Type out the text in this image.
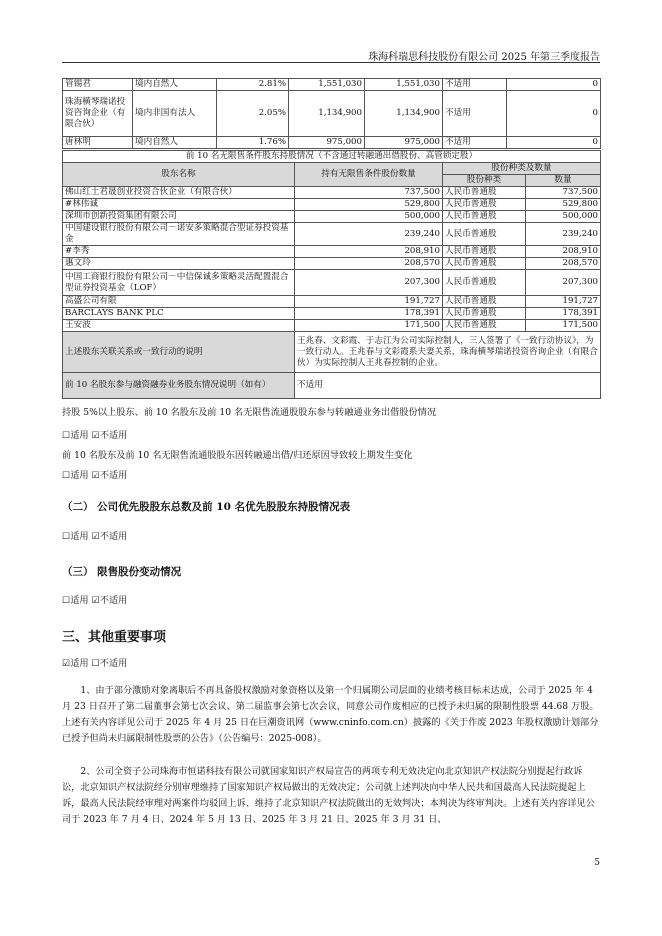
珠海科瑞思科技股份有限公司 2025 年第三季度报告
管锡君	境内自然人	2.81%	1,551,030	1,551,030	不适用	0
珠海横琴瑞诺投资咨询企业（有限合伙）	境内非国有法人	2.05%	1,134,900	1,134,900	不适用	0
唐林明	境内自然人	1.76%	975,000	975,000	不适用	0
前 10 名无限售条件股东持股情况（不含通过转融通出借股份、高管锁定股）			
股东名称	持有无限售条件股份数量	股份种类及数量	
		股份种类	数量
佛山红土君晟创业投资合伙企业（有限合伙）	737,500	人民币普通股	737,500
#林伟诚	529,800	人民币普通股	529,800
深圳市创新投资集团有限公司	500,000	人民币普通股	500,000
中国建设银行股份有限公司－诺安多策略混合型证券投资基金	239,240	人民币普通股	239,240
#李秀	208,910	人民币普通股	208,910
惠文玲	208,570	人民币普通股	208,570
中国工商银行股份有限公司－中信保诚多策略灵活配置混合型证券投资基金（LOF）	207,300	人民币普通股	207,300
高盛公司有限	191,727	人民币普通股	191,727
BARCLAYS BANK PLC	178,391	人民币普通股	178,391
王安波	171,500	人民币普通股	171,500
上述股东关联关系或一致行动的说明	王兆春、文彩霞、于志江为公司实际控制人，三人签署了《一致行动协议》，为一致行动人。王兆春与文彩霞系夫妻关系，珠海横琴瑞诺投资咨询企业（有限合伙）为实际控制人王兆春控制的企业。		
前 10 名股东参与融资融券业务股东情况说明（如有）	不适用		
持股 5%以上股东、前 10 名股东及前 10 名无限售流通股股东参与转融通业务出借股份情况
☐适用 ☑不适用
前 10 名股东及前 10 名无限售流通股股东因转融通出借/归还原因导致较上期发生变化
☐适用 ☑不适用
（二） 公司优先股股东总数及前 10 名优先股股东持股情况表
☐适用 ☑不适用
（三） 限售股份变动情况
☐适用 ☑不适用
三、其他重要事项
☑适用 ☐不适用
1、由于部分激励对象离职后不再具备股权激励对象资格以及第一个归属期公司层面的业绩考核目标未达成，公司于 2025 年 4 月 23 日召开了第二届董事会第七次会议、第二届监事会第七次会议，同意公司作废相应的已授予未归属的限制性股票 44.68 万股。上述有关内容详见公司于 2025 年 4 月 25 日在巨潮资讯网（www.cninfo.com.cn）披露的《关于作废 2023 年股权激励计划部分已授予但尚未归属限制性股票的公告》（公告编号：2025-008）。
2、公司全资子公司珠海市恒诺科技有限公司就国家知识产权局宣告的两项专利无效决定向北京知识产权法院分别提起行政诉讼，北京知识产权法院经分别审理维持了国家知识产权局做出的无效决定；公司就上述判决向中华人民共和国最高人民法院提起上诉，最高人民法院经审理对两案件均驳回上诉、维持了北京知识产权法院做出的无效判决；本判决为终审判决。上述有关内容详见公司于 2023 年 7 月 4 日、2024 年 5 月 13 日、2025 年 3 月 21 日、2025 年 3 月 31 日、
5
